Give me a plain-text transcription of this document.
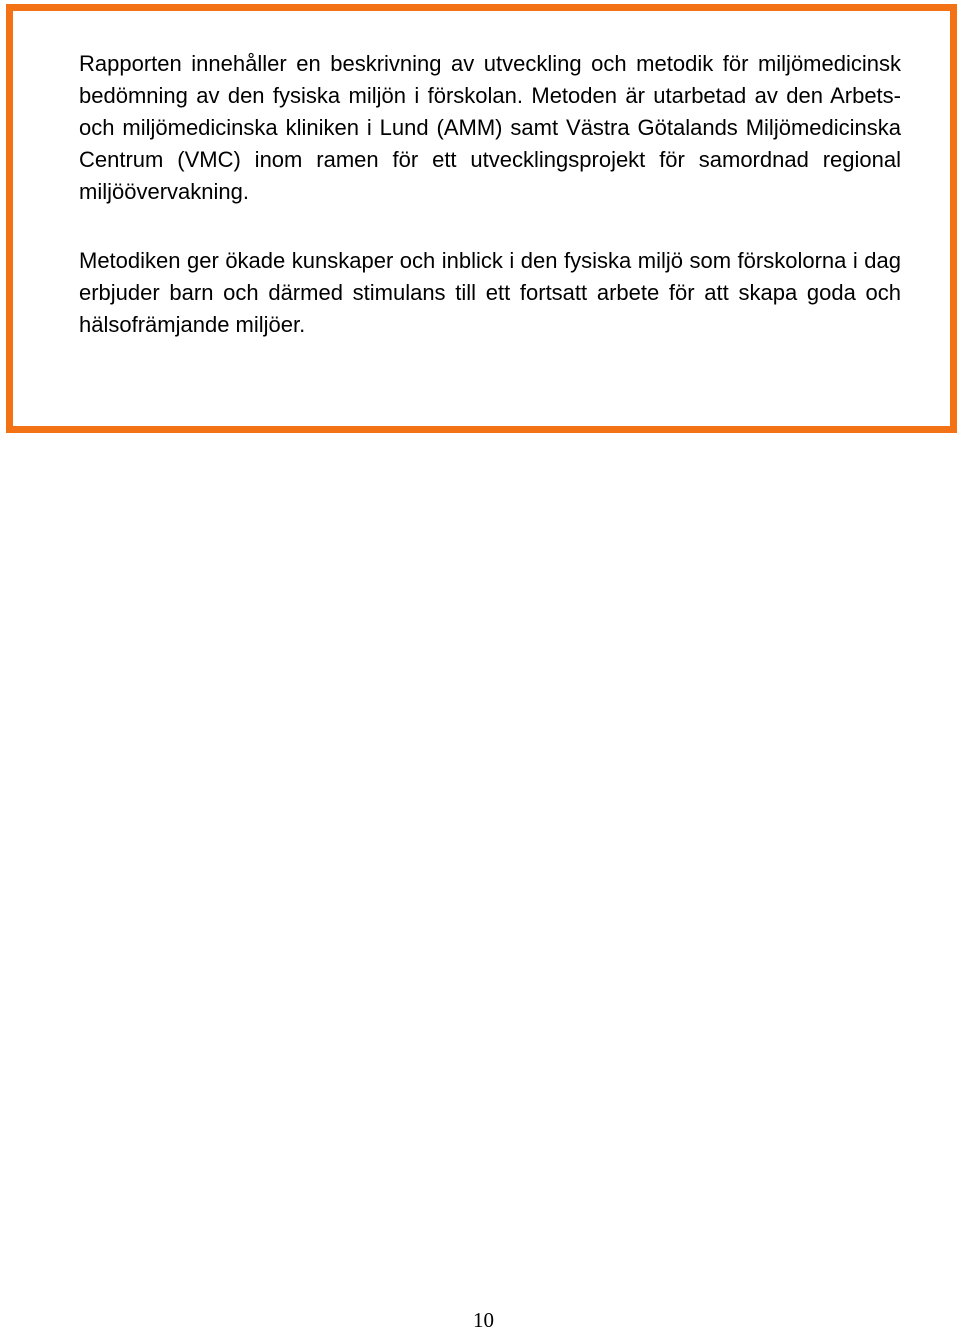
Rapporten innehåller en beskrivning av utveckling och metodik för miljömedicinsk bedömning av den fysiska miljön i förskolan. Metoden är utarbetad av den Arbets- och miljömedicinska kliniken i Lund (AMM) samt Västra Götalands Miljömedicinska Centrum (VMC) inom ramen för ett utvecklingsprojekt för samordnad regional miljöövervakning.

Metodiken ger ökade kunskaper och inblick i den fysiska miljö som förskolorna i dag erbjuder barn och därmed stimulans till ett fortsatt arbete för att skapa goda och hälsofrämjande miljöer.

10
